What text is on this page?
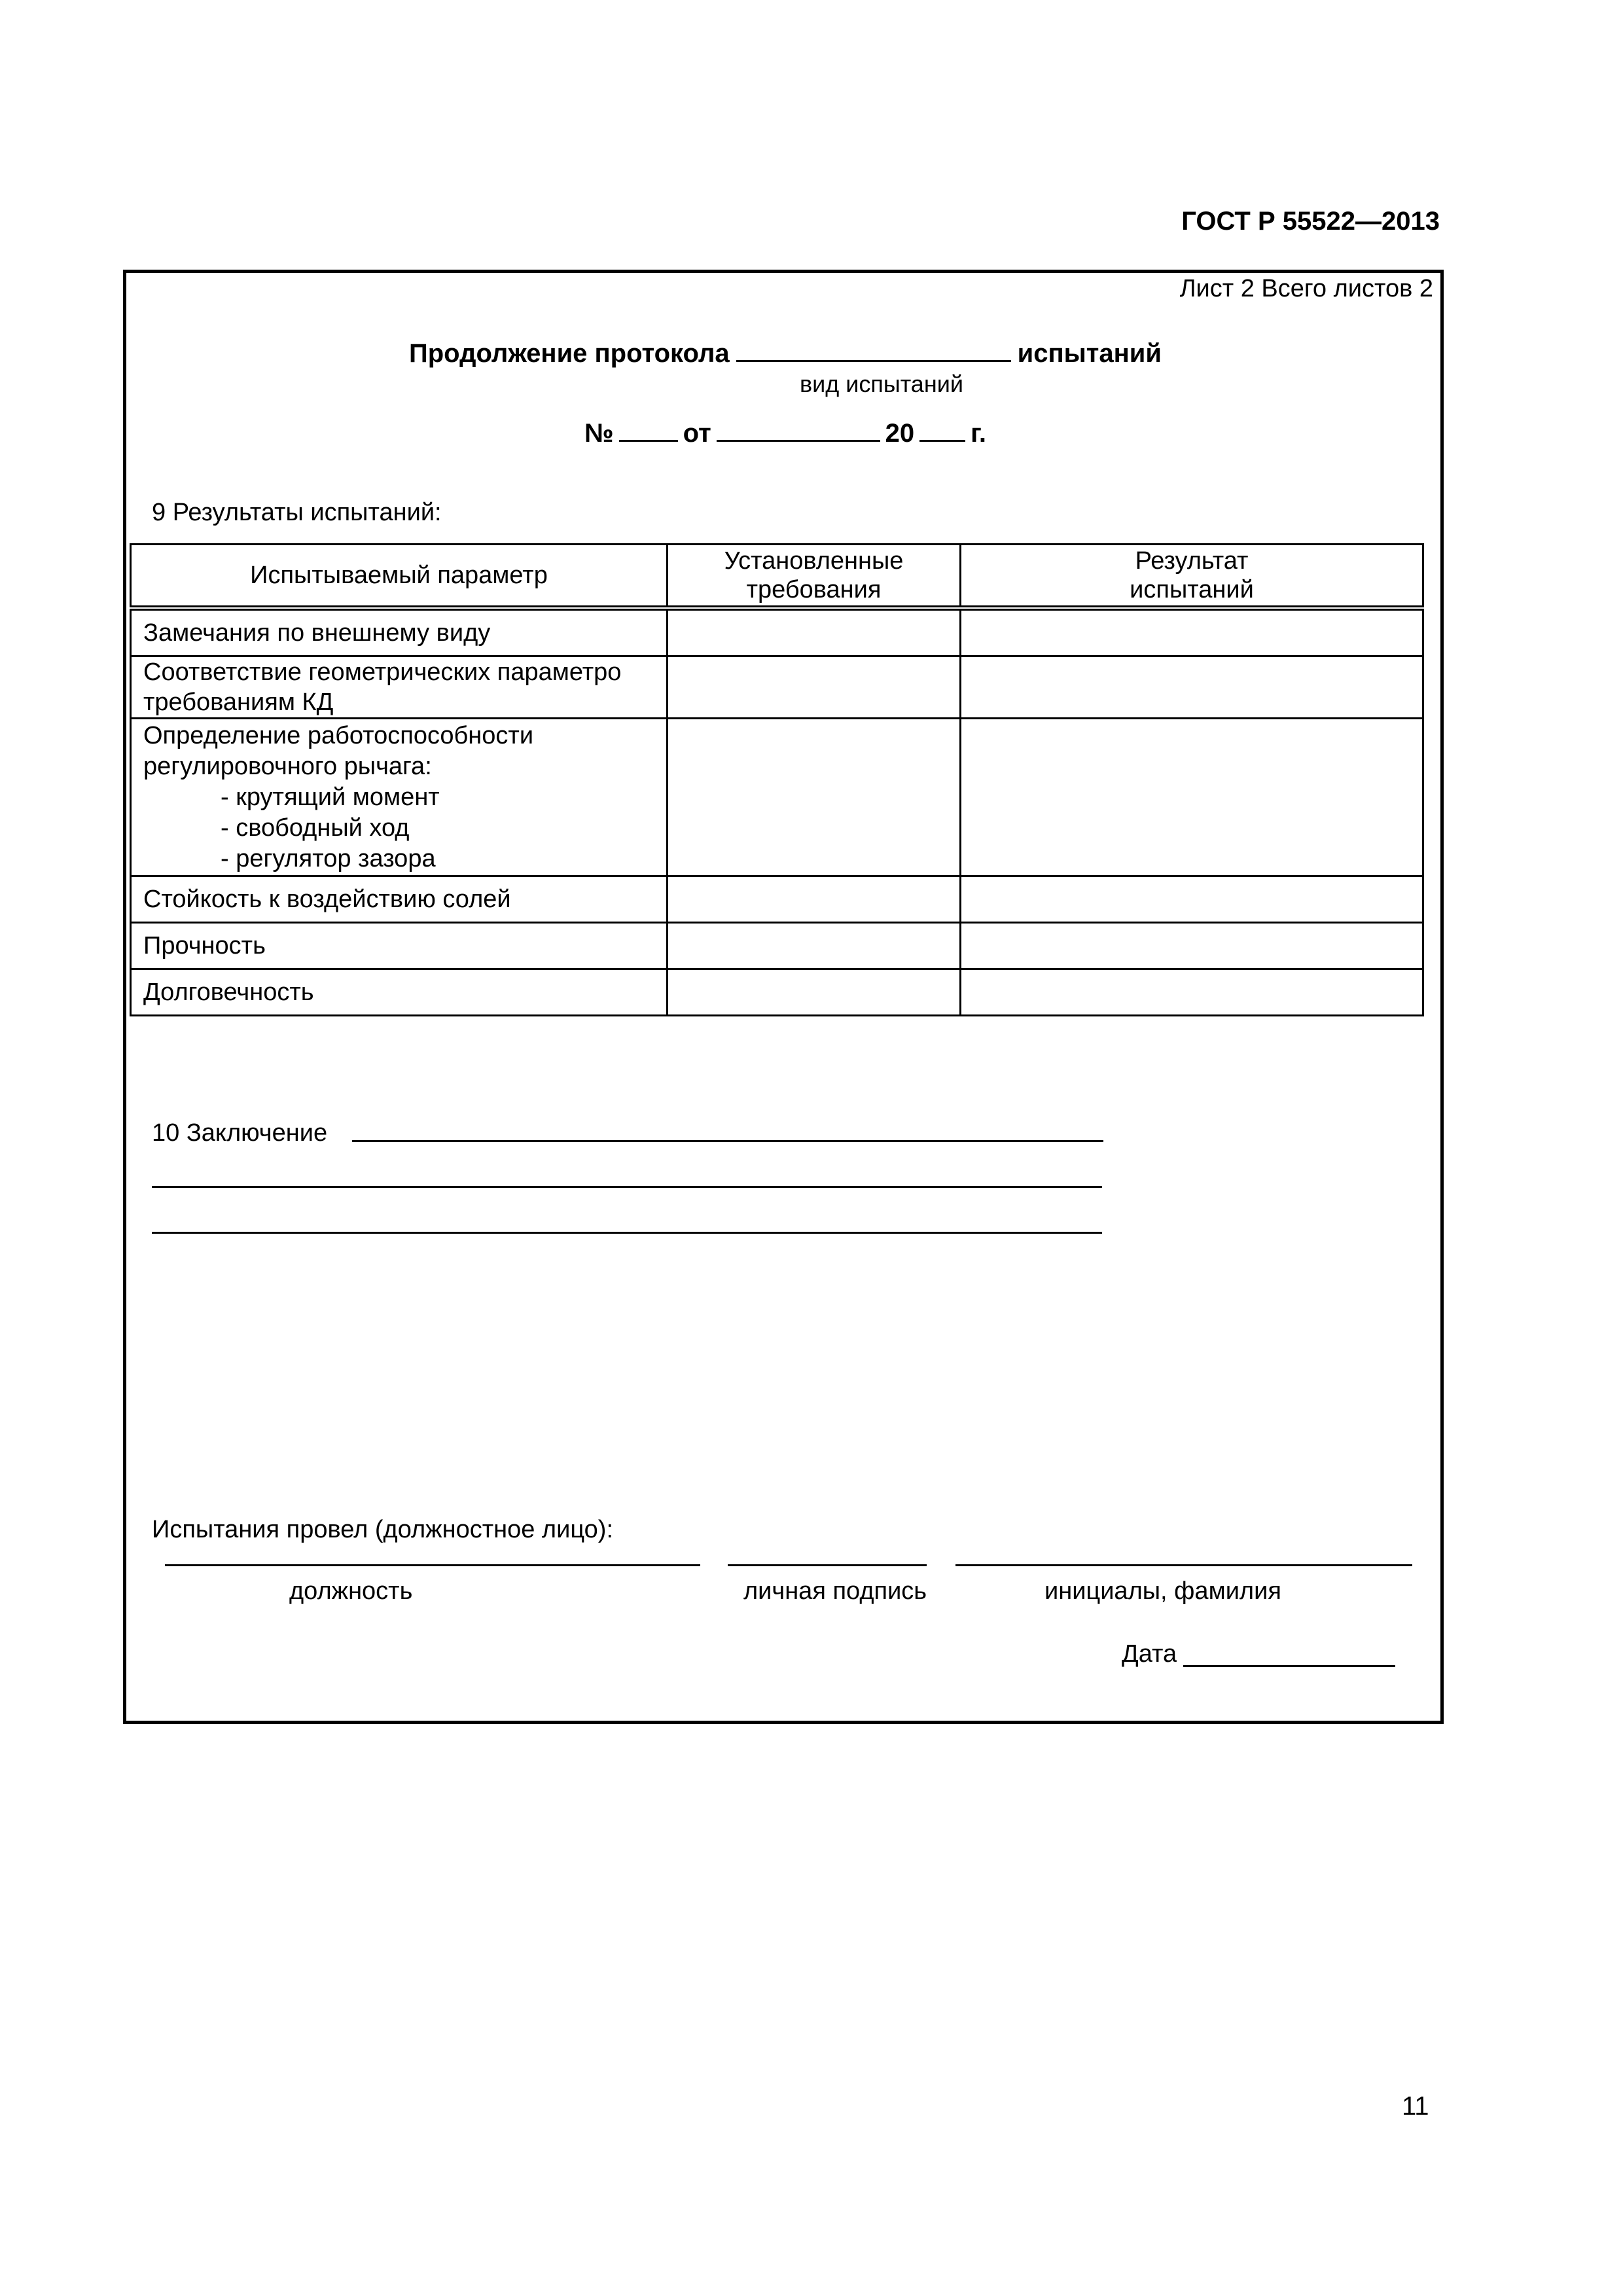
ГОСТ Р 55522—2013
Лист 2 Всего листов 2
Продолжение протокола	испытаний
вид испытаний
№	от	20 г.
9 Результаты испытаний:
Испытываемый параметр	Установленные требования	Результат испытаний

Замечания по внешнему виду		

Соответствие геометрических параметро
требованиям КД		

Определение работоспособности
регулировочного рычага:
- крутящий момент
- свободный ход
- регулятор зазора		

Стойкость к воздействию солей		
Прочность		
Долговечность		
10 Заключение
Испытания провел (должностное лицо):
должность	личная подпись	инициалы, фамилия
Дата
11
